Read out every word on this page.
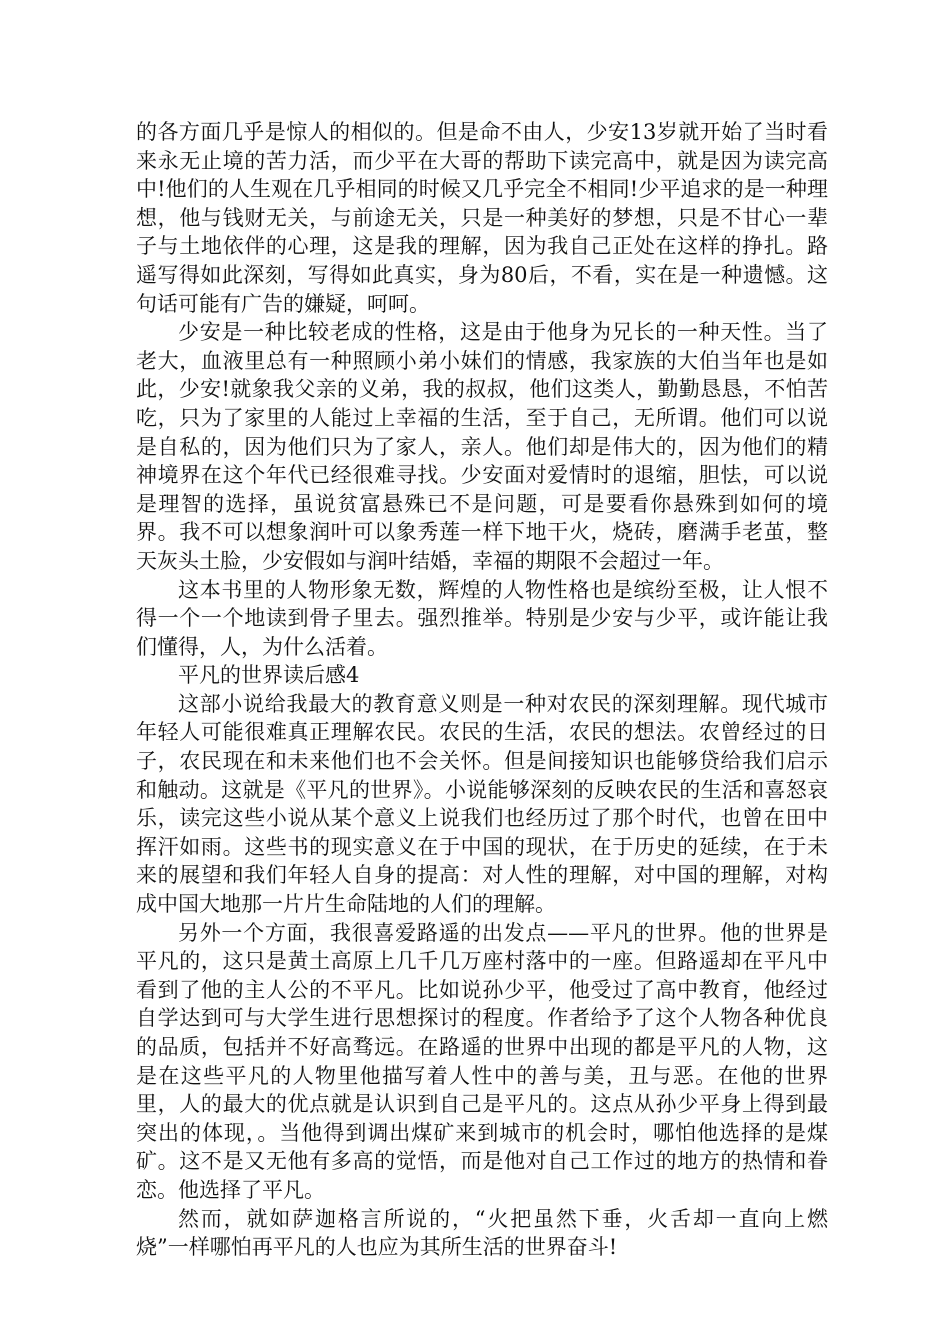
的各方面几乎是惊人的相似的。但是命不由人，少安13岁就开始了当时看来永无止境的苦力活，而少平在大哥的帮助下读完高中，就是因为读完高中!他们的人生观在几乎相同的时候又几乎完全不相同!少平追求的是一种理想，他与钱财无关，与前途无关，只是一种美好的梦想，只是不甘心一辈子与土地依伴的心理，这是我的理解，因为我自己正处在这样的挣扎。路遥写得如此深刻，写得如此真实，身为80后，不看，实在是一种遗憾。这句话可能有广告的嫌疑，呵呵。

少安是一种比较老成的性格，这是由于他身为兄长的一种天性。当了老大，血液里总有一种照顾小弟小妹们的情感，我家族的大伯当年也是如此，少安!就象我父亲的义弟，我的叔叔，他们这类人，勤勤恳恳，不怕苦吃，只为了家里的人能过上幸福的生活，至于自己，无所谓。他们可以说是自私的，因为他们只为了家人，亲人。他们却是伟大的，因为他们的精神境界在这个年代已经很难寻找。少安面对爱情时的退缩，胆怯，可以说是理智的选择，虽说贫富悬殊已不是问题，可是要看你悬殊到如何的境界。我不可以想象润叶可以象秀莲一样下地干火，烧砖，磨满手老茧，整天灰头土脸，少安假如与润叶结婚，幸福的期限不会超过一年。

这本书里的人物形象无数，辉煌的人物性格也是缤纷至极，让人恨不得一个一个地读到骨子里去。强烈推举。特别是少安与少平，或许能让我们懂得，人，为什么活着。

平凡的世界读后感4

这部小说给我最大的教育意义则是一种对农民的深刻理解。现代城市年轻人可能很难真正理解农民。农民的生活，农民的想法。农曾经过的日子，农民现在和未来他们也不会关怀。但是间接知识也能够贷给我们启示和触动。这就是《平凡的世界》。小说能够深刻的反映农民的生活和喜怒哀乐，读完这些小说从某个意义上说我们也经历过了那个时代，也曾在田中挥汗如雨。这些书的现实意义在于中国的现状，在于历史的延续，在于未来的展望和我们年轻人自身的提高：对人性的理解，对中国的理解，对构成中国大地那一片片生命陆地的人们的理解。

另外一个方面，我很喜爱路遥的出发点——平凡的世界。他的世界是平凡的，这只是黄土高原上几千几万座村落中的一座。但路遥却在平凡中看到了他的主人公的不平凡。比如说孙少平，他受过了高中教育，他经过自学达到可与大学生进行思想探讨的程度。作者给予了这个人物各种优良的品质，包括并不好高骛远。在路遥的世界中出现的都是平凡的人物，这是在这些平凡的人物里他描写着人性中的善与美，丑与恶。在他的世界里，人的最大的优点就是认识到自己是平凡的。这点从孙少平身上得到最突出的体现，。当他得到调出煤矿来到城市的机会时，哪怕他选择的是煤矿。这不是又无他有多高的觉悟，而是他对自己工作过的地方的热情和眷恋。他选择了平凡。

然而，就如萨迦格言所说的，“火把虽然下垂，火舌却一直向上燃烧”一样哪怕再平凡的人也应为其所生活的世界奋斗!
